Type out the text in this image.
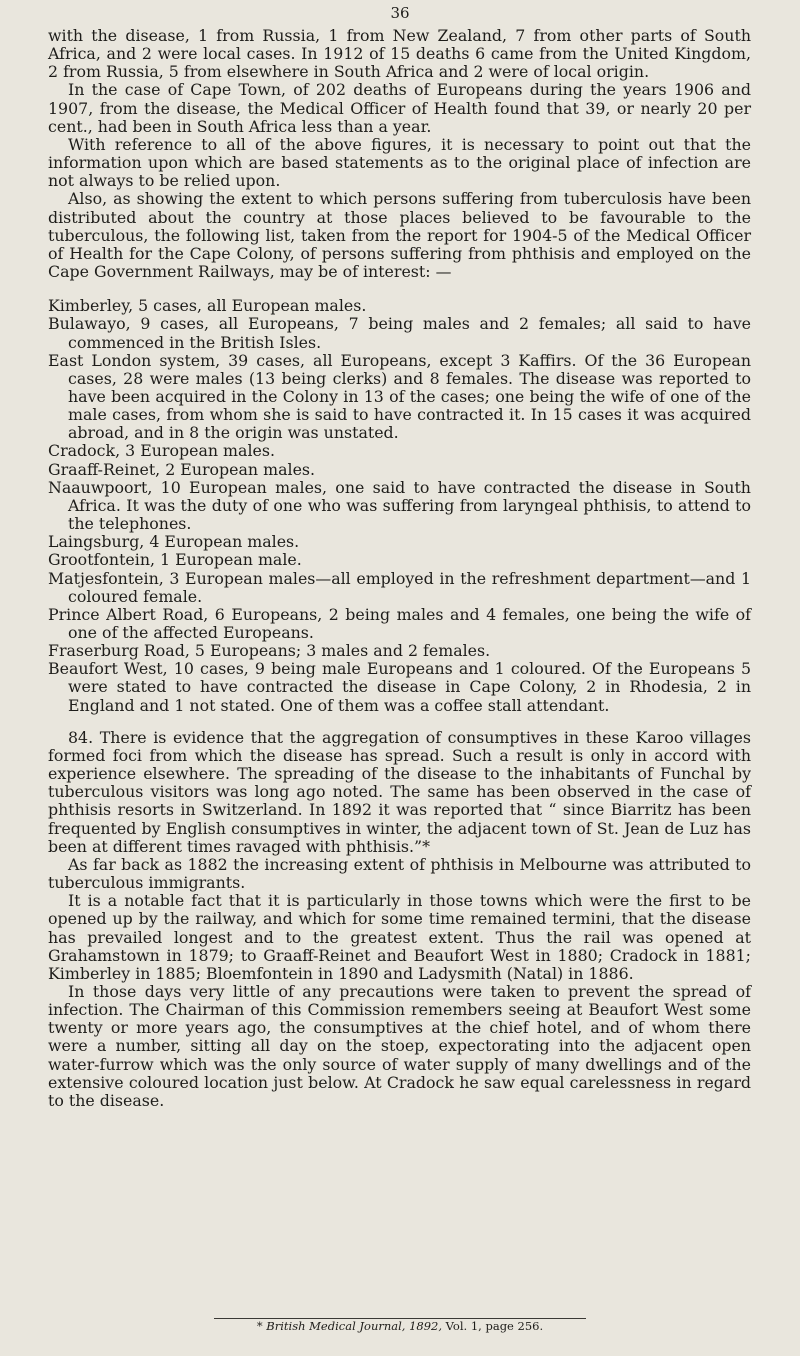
36

with the disease, 1 from Russia, 1 from New Zealand, 7 from other parts of South Africa, and 2 were local cases. In 1912 of 15 deaths 6 came from the United Kingdom, 2 from Russia, 5 from elsewhere in South Africa and 2 were of local origin.

In the case of Cape Town, of 202 deaths of Europeans during the years 1906 and 1907, from the disease, the Medical Officer of Health found that 39, or nearly 20 per cent., had been in South Africa less than a year.

With reference to all of the above figures, it is necessary to point out that the information upon which are based statements as to the original place of infection are not always to be relied upon.

Also, as showing the extent to which persons suffering from tuberculosis have been distributed about the country at those places believed to be favourable to the tuberculous, the following list, taken from the report for 1904-5 of the Medical Officer of Health for the Cape Colony, of persons suffering from phthisis and employed on the Cape Government Railways, may be of interest: —

Kimberley, 5 cases, all European males.
Bulawayo, 9 cases, all Europeans, 7 being males and 2 females; all said to have commenced in the British Isles.
East London system, 39 cases, all Europeans, except 3 Kaffirs. Of the 36 European cases, 28 were males (13 being clerks) and 8 females. The disease was reported to have been acquired in the Colony in 13 of the cases; one being the wife of one of the male cases, from whom she is said to have contracted it. In 15 cases it was acquired abroad, and in 8 the origin was unstated.
Cradock, 3 European males.
Graaff-Reinet, 2 European males.
Naauwpoort, 10 European males, one said to have contracted the disease in South Africa. It was the duty of one who was suffering from laryngeal phthisis, to attend to the telephones.
Laingsburg, 4 European males.
Grootfontein, 1 European male.
Matjesfontein, 3 European males—all employed in the refreshment department—and 1 coloured female.
Prince Albert Road, 6 Europeans, 2 being males and 4 females, one being the wife of one of the affected Europeans.
Fraserburg Road, 5 Europeans; 3 males and 2 females.
Beaufort West, 10 cases, 9 being male Europeans and 1 coloured. Of the Europeans 5 were stated to have contracted the disease in Cape Colony, 2 in Rhodesia, 2 in England and 1 not stated. One of them was a coffee stall attendant.

84. There is evidence that the aggregation of consumptives in these Karoo villages formed foci from which the disease has spread. Such a result is only in accord with experience elsewhere. The spreading of the disease to the inhabitants of Funchal by tuberculous visitors was long ago noted. The same has been observed in the case of phthisis resorts in Switzerland. In 1892 it was reported that “ since Biarritz has been frequented by English consumptives in winter, the adjacent town of St. Jean de Luz has been at different times ravaged with phthisis.”*

As far back as 1882 the increasing extent of phthisis in Melbourne was attributed to tuberculous immigrants.

It is a notable fact that it is particularly in those towns which were the first to be opened up by the railway, and which for some time remained termini, that the disease has prevailed longest and to the greatest extent. Thus the rail was opened at Grahamstown in 1879; to Graaff-Reinet and Beaufort West in 1880; Cradock in 1881; Kimberley in 1885; Bloemfontein in 1890 and Ladysmith (Natal) in 1886.

In those days very little of any precautions were taken to prevent the spread of infection. The Chairman of this Commission remembers seeing at Beaufort West some twenty or more years ago, the consumptives at the chief hotel, and of whom there were a number, sitting all day on the stoep, expectorating into the adjacent open water-furrow which was the only source of water supply of many dwellings and of the extensive coloured location just below. At Cradock he saw equal carelessness in regard to the disease.

* British Medical Journal, 1892, Vol. 1, page 256.
